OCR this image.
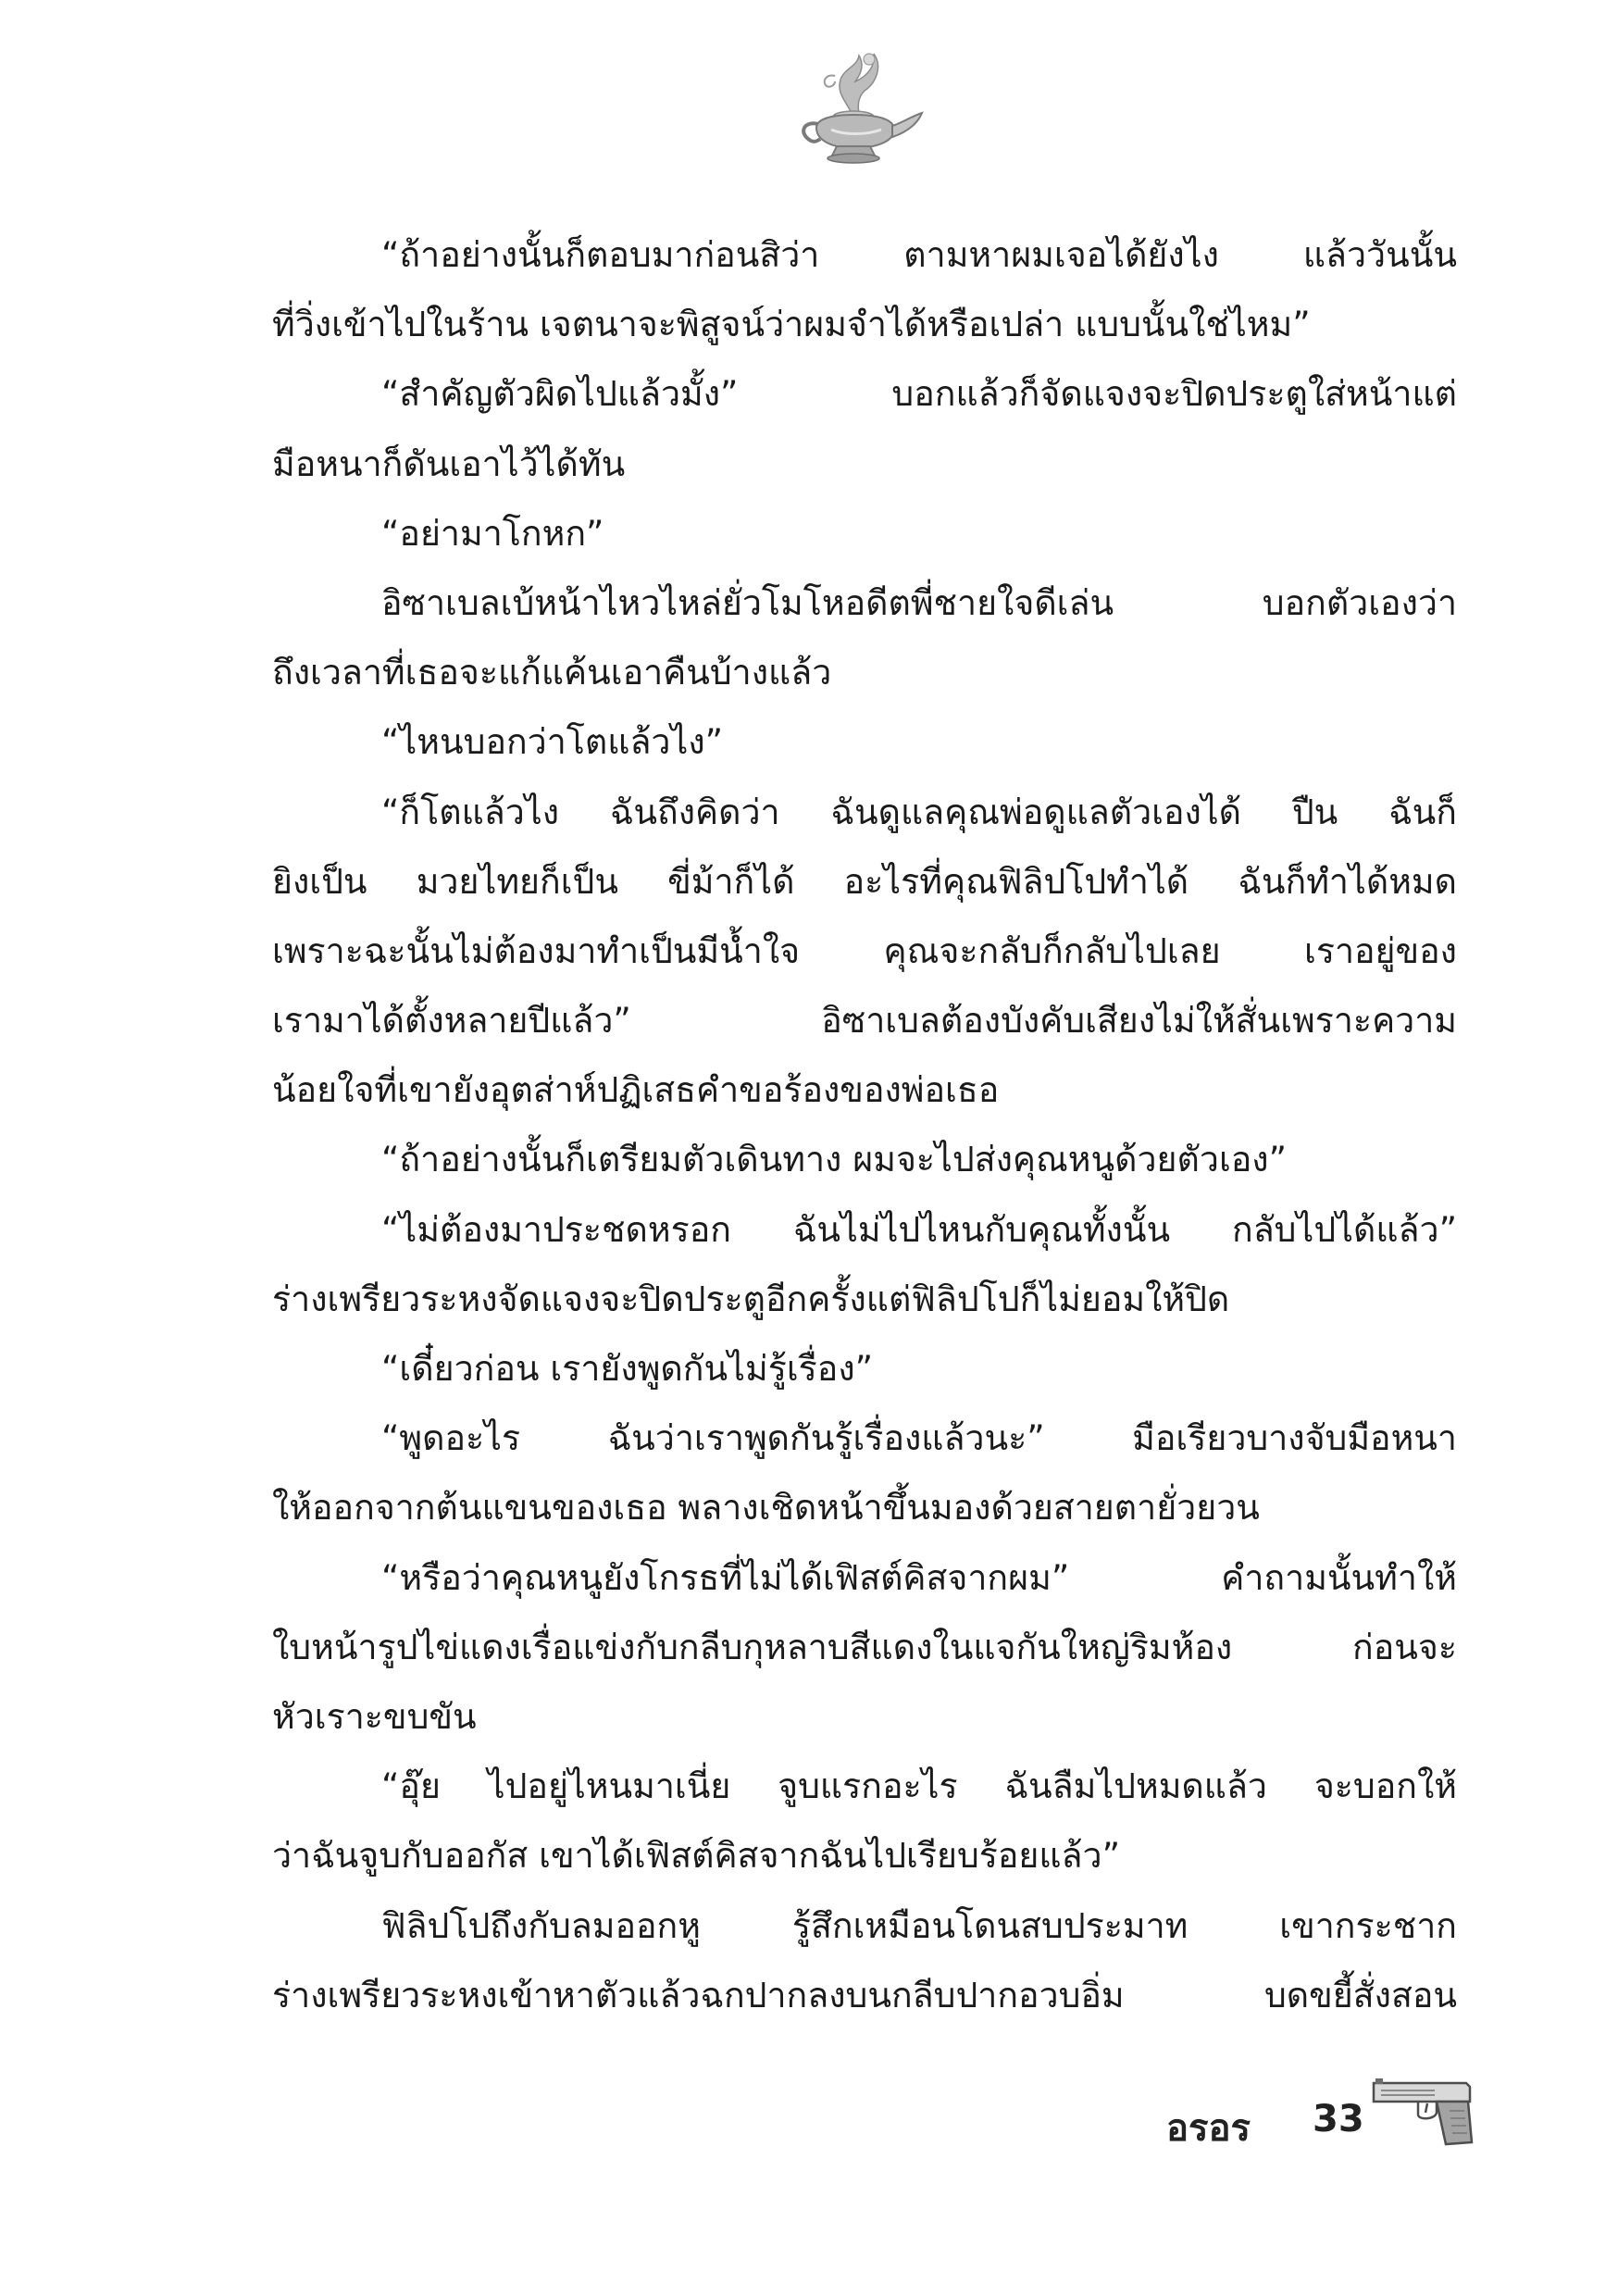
“ถ้าอย่างนั้นก็ตอบมาก่อนสิว่า ตามหาผมเจอได้ยังไง แล้ววันนั้น
ที่วิ่งเข้าไปในร้าน เจตนาจะพิสูจน์ว่าผมจำได้หรือเปล่า แบบนั้นใช่ไหม”
“สำคัญตัวผิดไปแล้วมั้ง” บอกแล้วก็จัดแจงจะปิดประตูใส่หน้าแต่
มือหนาก็ดันเอาไว้ได้ทัน
“อย่ามาโกหก”
อิซาเบลเบ้หน้าไหวไหล่ยั่วโมโหอดีตพี่ชายใจดีเล่น บอกตัวเองว่า
ถึงเวลาที่เธอจะแก้แค้นเอาคืนบ้างแล้ว
“ไหนบอกว่าโตแล้วไง”
“ก็โตแล้วไง ฉันถึงคิดว่า ฉันดูแลคุณพ่อดูแลตัวเองได้ ปืน ฉันก็
ยิงเป็น มวยไทยก็เป็น ขี่ม้าก็ได้ อะไรที่คุณฟิลิปโปทำได้ ฉันก็ทำได้หมด
เพราะฉะนั้นไม่ต้องมาทำเป็นมีน้ำใจ คุณจะกลับก็กลับไปเลย เราอยู่ของ
เรามาได้ตั้งหลายปีแล้ว” อิซาเบลต้องบังคับเสียงไม่ให้สั่นเพราะความ
น้อยใจที่เขายังอุตส่าห์ปฏิเสธคำขอร้องของพ่อเธอ
“ถ้าอย่างนั้นก็เตรียมตัวเดินทาง ผมจะไปส่งคุณหนูด้วยตัวเอง”
“ไม่ต้องมาประชดหรอก ฉันไม่ไปไหนกับคุณทั้งนั้น กลับไปได้แล้ว”
ร่างเพรียวระหงจัดแจงจะปิดประตูอีกครั้งแต่ฟิลิปโปก็ไม่ยอมให้ปิด
“เดี๋ยวก่อน เรายังพูดกันไม่รู้เรื่อง”
“พูดอะไร ฉันว่าเราพูดกันรู้เรื่องแล้วนะ” มือเรียวบางจับมือหนา
ให้ออกจากต้นแขนของเธอ พลางเชิดหน้าขึ้นมองด้วยสายตายั่วยวน
“หรือว่าคุณหนูยังโกรธที่ไม่ได้เฟิสต์คิสจากผม” คำถามนั้นทำให้
ใบหน้ารูปไข่แดงเรื่อแข่งกับกลีบกุหลาบสีแดงในแจกันใหญ่ริมห้อง ก่อนจะ
หัวเราะขบขัน
“อุ๊ย ไปอยู่ไหนมาเนี่ย จูบแรกอะไร ฉันลืมไปหมดแล้ว จะบอกให้
ว่าฉันจูบกับออกัส เขาได้เฟิสต์คิสจากฉันไปเรียบร้อยแล้ว”
ฟิลิปโปถึงกับลมออกหู รู้สึกเหมือนโดนสบประมาท เขากระชาก
ร่างเพรียวระหงเข้าหาตัวแล้วฉกปากลงบนกลีบปากอวบอิ่ม บดขยี้สั่งสอน
อรอร 33
